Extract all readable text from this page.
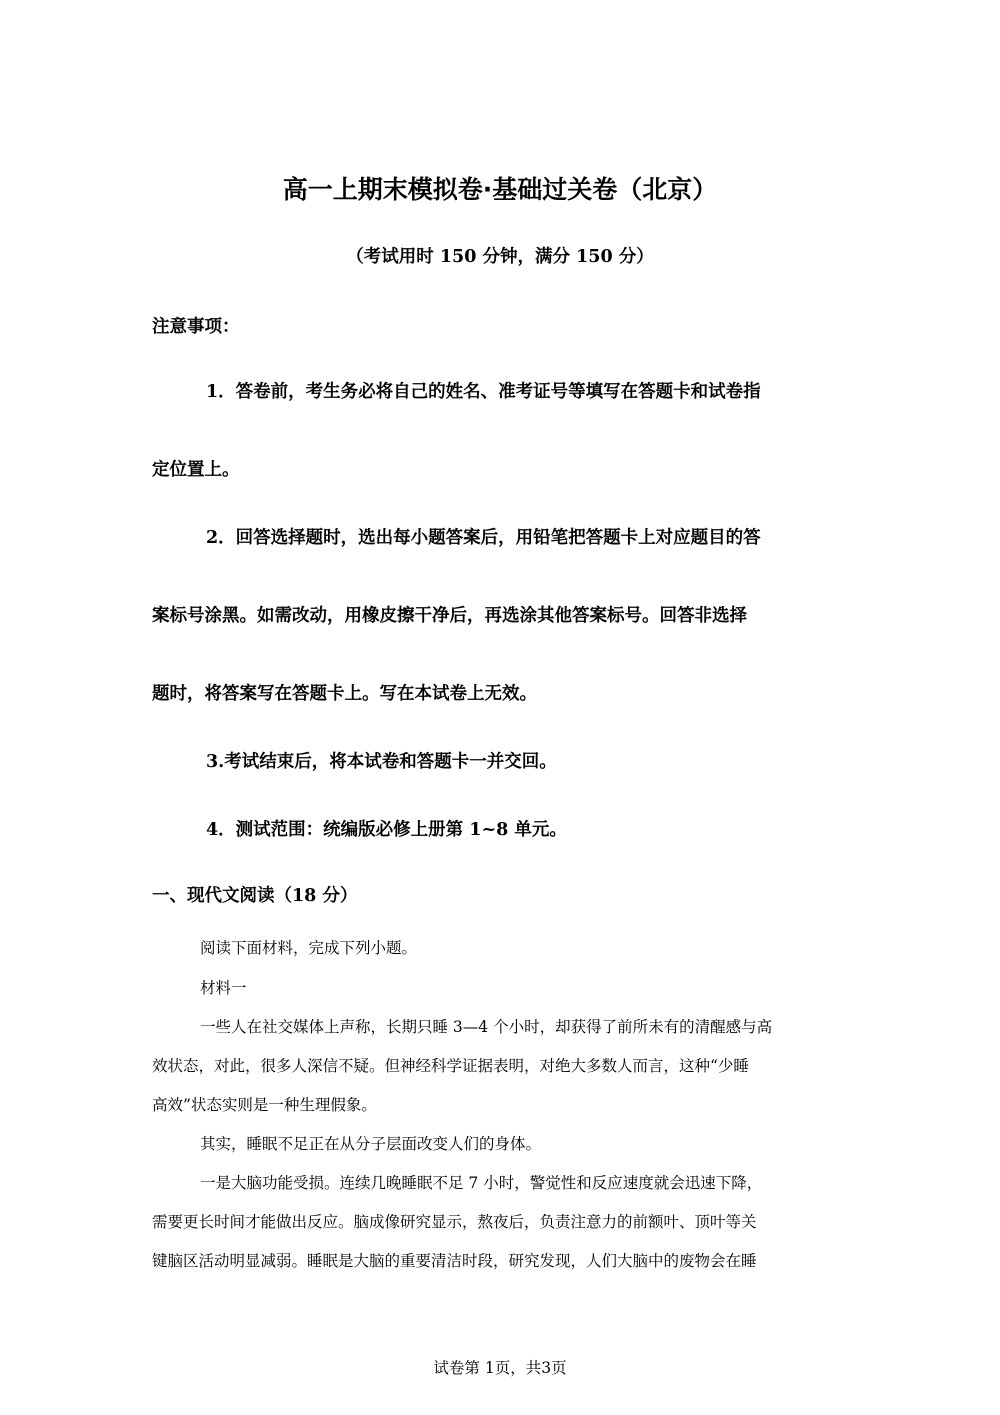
高一上期末模拟卷·基础过关卷（北京）
（考试用时 150 分钟，满分 150 分）
注意事项：
1．答卷前，考生务必将自己的姓名、准考证号等填写在答题卡和试卷指
定位置上。
2．回答选择题时，选出每小题答案后，用铅笔把答题卡上对应题目的答
案标号涂黑。如需改动，用橡皮擦干净后，再选涂其他答案标号。回答非选择
题时，将答案写在答题卡上。写在本试卷上无效。
3.考试结束后，将本试卷和答题卡一并交回。
4．测试范围：统编版必修上册第 1~8 单元。
一、现代文阅读（18 分）
阅读下面材料，完成下列小题。
材料一
一些人在社交媒体上声称，长期只睡 3—4 个小时，却获得了前所未有的清醒感与高
效状态，对此，很多人深信不疑。但神经科学证据表明，对绝大多数人而言，这种“少睡
高效”状态实则是一种生理假象。
其实，睡眠不足正在从分子层面改变人们的身体。
一是大脑功能受损。连续几晚睡眠不足 7 小时，警觉性和反应速度就会迅速下降，
需要更长时间才能做出反应。脑成像研究显示，熬夜后，负责注意力的前额叶、顶叶等关
键脑区活动明显减弱。睡眠是大脑的重要清洁时段，研究发现，人们大脑中的废物会在睡
试卷第 1页，共3页
